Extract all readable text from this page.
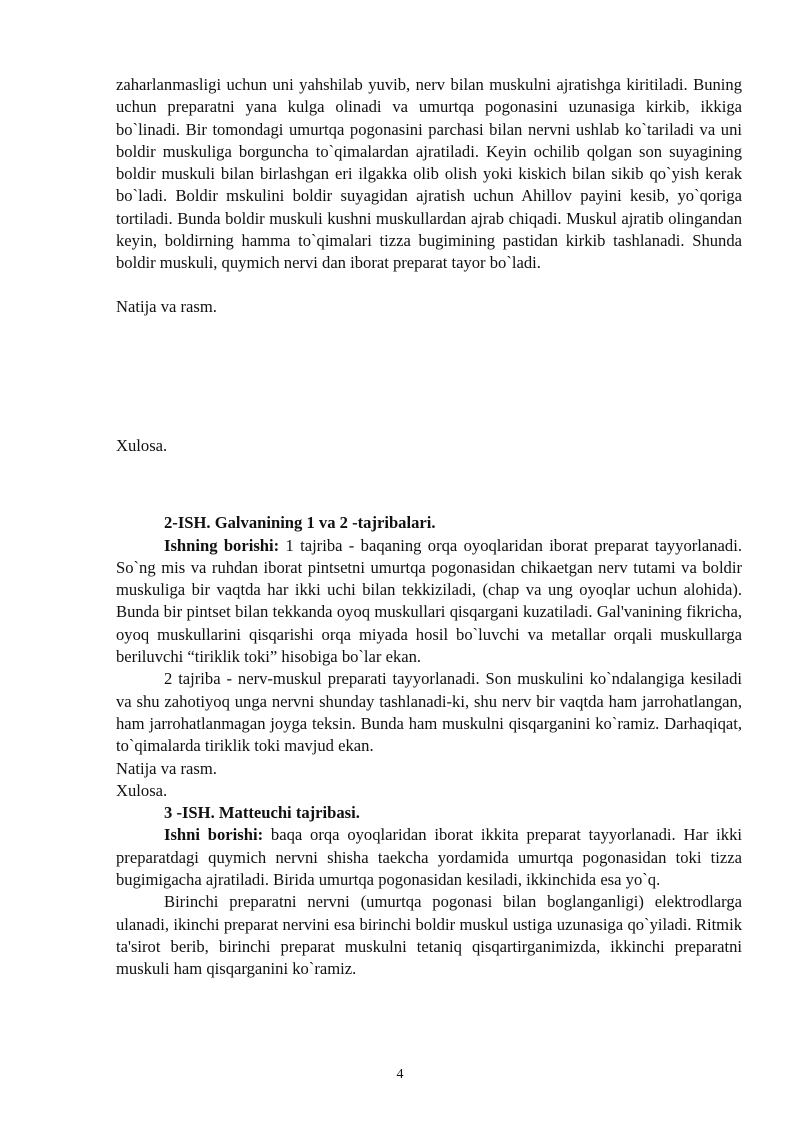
zaharlanmasligi uchun uni yahshilab yuvib, nerv bilan muskulni ajratishga kiritiladi. Buning uchun preparatni yana kulga olinadi va umurtqa pogonasini uzunasiga kirkib, ikkiga bo`linadi. Bir tomondagi umurtqa pogonasini parchasi bilan nervni ushlab ko`tariladi va uni boldir muskuliga borguncha to`qimalardan ajratiladi. Keyin ochilib qolgan son suyagining boldir muskuli bilan birlashgan eri ilgakka olib olish yoki kiskich bilan sikib qo`yish kerak bo`ladi. Boldir mskulini boldir suyagidan ajratish uchun Ahillov payini kesib, yo`qoriga tortiladi. Bunda boldir muskuli kushni muskullardan ajrab chiqadi. Muskul ajratib olingandan keyin, boldirning hamma to`qimalari tizza bugimining pastidan kirkib tashlanadi. Shunda boldir muskuli, quymich nervi dan iborat preparat tayor bo`ladi.

Natija va rasm.

Xulosa.

2-ISH. Galvanining 1 va 2 -tajribalari.

Ishning borishi: 1 tajriba - baqaning orqa oyoqlaridan iborat preparat tayyorlanadi. So`ng mis va ruhdan iborat pintsetni umurtqa pogonasidan chikaetgan nerv tutami va boldir muskuliga bir vaqtda har ikki uchi bilan tekkiziladi, (chap va ung oyoqlar uchun alohida). Bunda bir pintset bilan tekkanda oyoq muskullari qisqargani kuzatiladi. Gal'vanining fikricha, oyoq muskullarini qisqarishi orqa miyada hosil bo`luvchi va metallar orqali muskullarga beriluvchi “tiriklik toki” hisobiga bo`lar ekan.

2 tajriba - nerv-muskul preparati tayyorlanadi. Son muskulini ko`ndalangiga kesiladi va shu zahotiyoq unga nervni shunday tashlanadi-ki, shu nerv bir vaqtda ham jarrohatlangan, ham jarrohatlanmagan joyga teksin. Bunda ham muskulni qisqarganini ko`ramiz. Darhaqiqat, to`qimalarda tiriklik toki mavjud ekan.

Natija va rasm.

Xulosa.

3 -ISH. Matteuchi tajribasi.

Ishni borishi: baqa orqa oyoqlaridan iborat ikkita preparat tayyorlanadi. Har ikki preparatdagi quymich nervni shisha taekcha yordamida umurtqa pogonasidan toki tizza bugimigacha ajratiladi. Birida umurtqa pogonasidan kesiladi, ikkinchida esa yo`q.

Birinchi preparatni nervni (umurtqa pogonasi bilan boglanganligi) elektrodlarga ulanadi, ikinchi preparat nervini esa birinchi boldir muskul ustiga uzunasiga qo`yiladi. Ritmik ta'sirot berib, birinchi preparat muskulni tetaniq qisqartirganimizda, ikkinchi preparatni muskuli ham qisqarganini ko`ramiz.

4
